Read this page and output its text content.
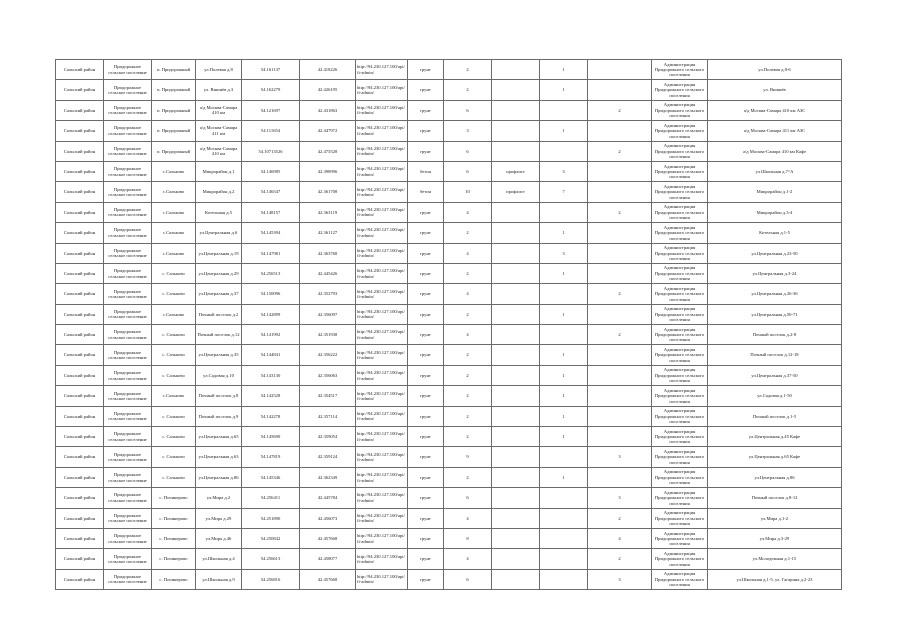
Сальский район	Придорожное сельское поселение	п. Придорожный	ул.Полевая д.8	54.161137	42.418226	http://94.230.127.100/api/fi-admin/	грунт	2		1		Администрация Придорожного сельского поселения	ул.Полевая д.8-6
Сальский район	Придорожное сельское поселение	п. Придорожный	ул. Вишнёв д.3	54.162279	42.426195	http://94.230.127.100/api/fi-admin/	грунт	2		1		Администрация Придорожного сельского поселения	ул. Вишнёв
Сальский район	Придорожное сельское поселение	п. Придорожный	а/д Москва-Самара 410 км	54.121697	42.431863	http://94.230.127.100/api/fi-admin/	грунт	6			2	Администрация Придорожного сельского поселения	а/д Москва-Самара 410 км АЗС
Сальский район	Придорожное сельское поселение	п. Придорожный	а/д Москва-Самара 411 км	54.111654	42.447972	http://94.230.127.100/api/fi-admin/	грунт	3		1		Администрация Придорожного сельского поселения	а/д Москва-Самара 411 км АЗС
Сальский район	Придорожное сельское поселение	п. Придорожный	а/д Москва-Самара 410 км	54.10713526	42.475528	http://94.230.127.100/api/fi-admin/	грунт	6			2	Администрация Придорожного сельского поселения	а/д Москва-Самара 410 км Кафе
Сальский район	Придорожное сельское поселение	с.Сальково	Микрорайон д.1	54.146985	42.398996	http://94.230.127.100/api/fi-admin/	бетон	6	профлист	3		Администрация Придорожного сельского поселения	ул.Школьная д.7^А
Сальский район	Придорожное сельское поселение	с.Сальково	Микрорайон д.2	54.146547	42.361708	http://94.230.127.100/api/fi-admin/	бетон	10	профлист	7		Администрация Придорожного сельского поселения	Микрорайон д.1-2
Сальский район	Придорожное сельское поселение	с.Сальково	Котельная д.5	54.148157	42.363119	http://94.230.127.100/api/fi-admin/	грунт	4			2	Администрация Придорожного сельского поселения	Микрорайон д.3-4
Сальский район	Придорожное сельское поселение	с.Сальково	ул.Центральная д.6	54.145394	42.361127	http://94.230.127.100/api/fi-admin/	грунт	2		1		Администрация Придорожного сельского поселения	Котельная д.1-5
Сальский район	Придорожное сельское поселение	с.Сальково	ул.Центральная д.19	54.147981	42.363768	http://94.230.127.100/api/fi-admin/	грунт	4		3		Администрация Придорожного сельского поселения	ул.Центральная д.23-50
Сальский район	Придорожное сельское поселение	с. Сальково	ул.Центральная д.29	54.256513	42.445426	http://94.230.127.100/api/fi-admin/	грунт	2		1		Администрация Придорожного сельского поселения	ул.Центральная д.3-24
Сальский район	Придорожное сельское поселение	с. Сальково	ул.Центральная д.37	54.150096	42.352793	http://94.230.127.100/api/fi-admin/	грунт	4			2	Администрация Придорожного сельского поселения	ул.Центральная д.26-36
Сальский район	Придорожное сельское поселение	с.Сальково	Почный поселок д.2	54.142899	42.356097	http://94.230.127.100/api/fi-admin/	грунт	2		1		Администрация Придорожного сельского поселения	ул.Центральная д.50-71
Сальский район	Придорожное сельское поселение	с. Сальково	Почный поселок д.12	54.141992	42.351938	http://94.230.127.100/api/fi-admin/	грунт	4			2	Администрация Придорожного сельского поселения	Почный поселок д.2-8
Сальский район	Придорожное сельское поселение	с. Сальково	ул.Центральная д.35	54.144841	42.356222	http://94.230.127.100/api/fi-admin/	грунт	2		1		Администрация Придорожного сельского поселения	Почный поселок д.12-18
Сальский район	Придорожное сельское поселение	с. Сальково	ул.Садовая д.10	54.143130	42.356063	http://94.230.127.100/api/fi-admin/	грунт	2		1		Администрация Придорожного сельского поселения	ул.Центральная д.37-50
Сальский район	Придорожное сельское поселение	с.Сальково	Почный поселок д.8	54.142528	42.354517	http://94.230.127.100/api/fi-admin/	грунт	2		1		Администрация Придорожного сельского поселения	ул.Садовая д.1-50
Сальский район	Придорожное сельское поселение	с. Сальково	Почный поселок д.9	54.142278	42.357114	http://94.230.127.100/api/fi-admin/	грунт	2		1		Администрация Придорожного сельского поселения	Почный поселок д.1-5
Сальский район	Придорожное сельское поселение	с. Сальково	ул.Центральная д.65	54.145690	42.359054	http://94.230.127.100/api/fi-admin/	грунт	2		1		Администрация Придорожного сельского поселения	ул.Центральная д.45 Кафе
Сальский район	Придорожное сельское поселение	с. Сальково	ул.Центральная д.63	54.147819	42.359124	http://94.230.127.100/api/fi-admin/	грунт	9			3	Администрация Придорожного сельского поселения	ул.Центральная д.65 Кафе
Сальский район	Придорожное сельское поселение	с. Сальково	ул.Центральная д.86	54.145346	42.362349	http://94.230.127.100/api/fi-admin/	грунт	2		1		Администрация Придорожного сельского поселения	ул.Центральная д.86
Сальский район	Придорожное сельское поселение	с. Починерово	ул.Мира д.2	54.256411	42.445784	http://94.230.127.100/api/fi-admin/	грунт	6			3	Администрация Придорожного сельского поселения	Почный поселок д.8-12
Сальский район	Придорожное сельское поселение	с. Починерово	ул.Мира д.29	54.251890	42.456073	http://94.230.127.100/api/fi-admin/	грунт	4			2	Администрация Придорожного сельского поселения	ул.Мира д.1-2
Сальский район	Придорожное сельское поселение	с. Починерово	ул.Мира д.46	54.250842	42.457668	http://94.230.127.100/api/fi-admin/	грунт	8			4	Администрация Придорожного сельского поселения	ул.Мира д.3-29
Сальский район	Придорожное сельское поселение	с. Починерово	ул.Школьная д.4	54.256613	42.458077	http://94.230.127.100/api/fi-admin/	грунт	4			2	Администрация Придорожного сельского поселения	ул.Молодежная д.1-15
Сальский район	Придорожное сельское поселение	с. Починерово	ул.Школьная д.9	54.256816	42.457668	http://94.230.127.100/api/fi-admin/	грунт	6			3	Администрация Придорожного сельского поселения	ул.Школьная д.1-5, ул. Гагарина д.2-23
